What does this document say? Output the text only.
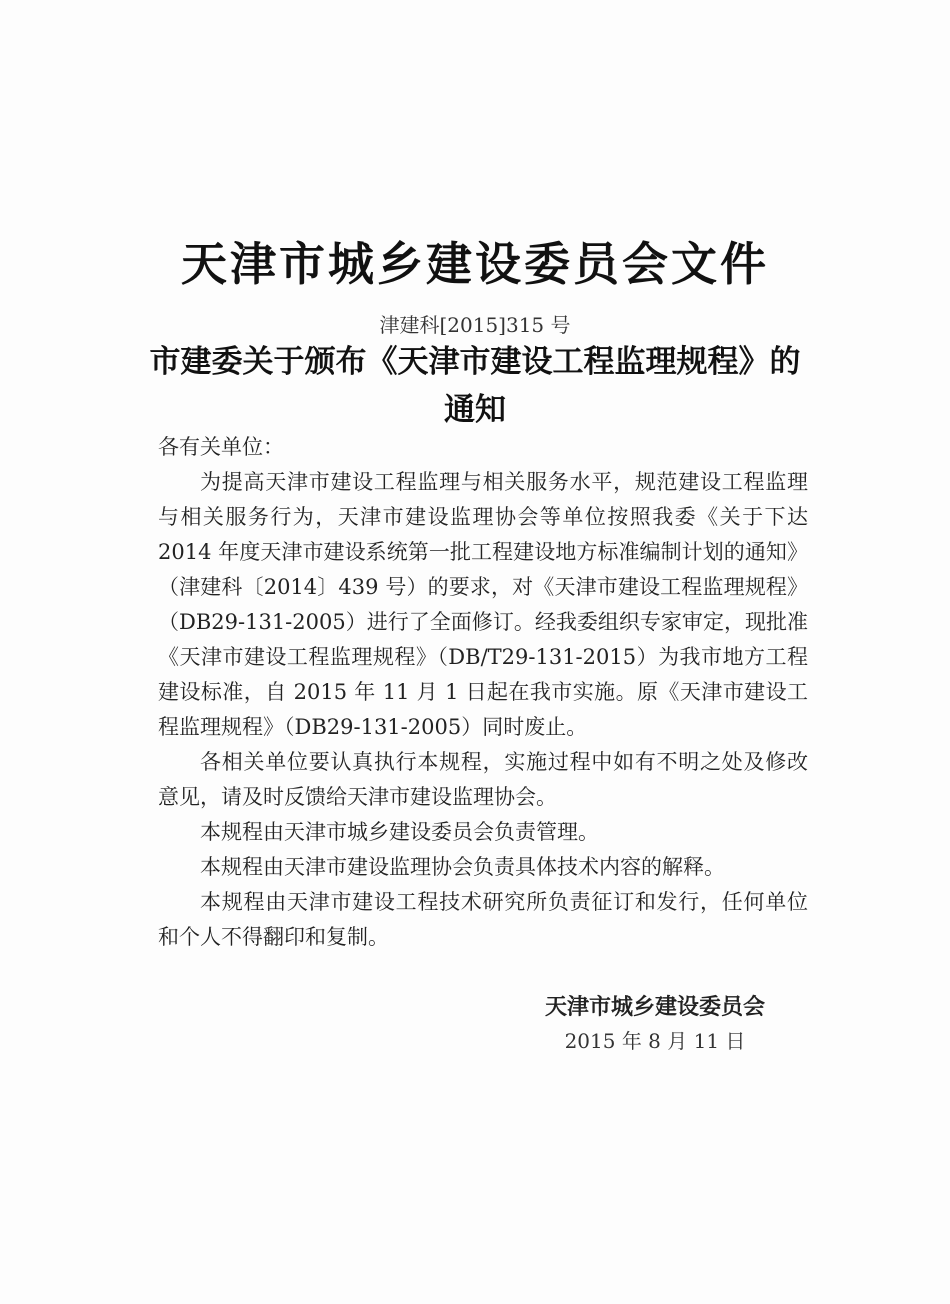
天津市城乡建设委员会文件
津建科[2015]315 号
市建委关于颁布《天津市建设工程监理规程》的
通知
各有关单位：
为提高天津市建设工程监理与相关服务水平，规范建设工程监理与相关服务行为，天津市建设监理协会等单位按照我委《关于下达 2014 年度天津市建设系统第一批工程建设地方标准编制计划的通知》（津建科〔2014〕439 号）的要求，对《天津市建设工程监理规程》（DB29-131-2005）进行了全面修订。经我委组织专家审定，现批准《天津市建设工程监理规程》（DB/T29-131-2015）为我市地方工程建设标准，自 2015 年 11 月 1 日起在我市实施。原《天津市建设工程监理规程》（DB29-131-2005）同时废止。
各相关单位要认真执行本规程，实施过程中如有不明之处及修改意见，请及时反馈给天津市建设监理协会。
本规程由天津市城乡建设委员会负责管理。
本规程由天津市建设监理协会负责具体技术内容的解释。
本规程由天津市建设工程技术研究所负责征订和发行，任何单位和个人不得翻印和复制。
天津市城乡建设委员会
2015 年 8 月 11 日
